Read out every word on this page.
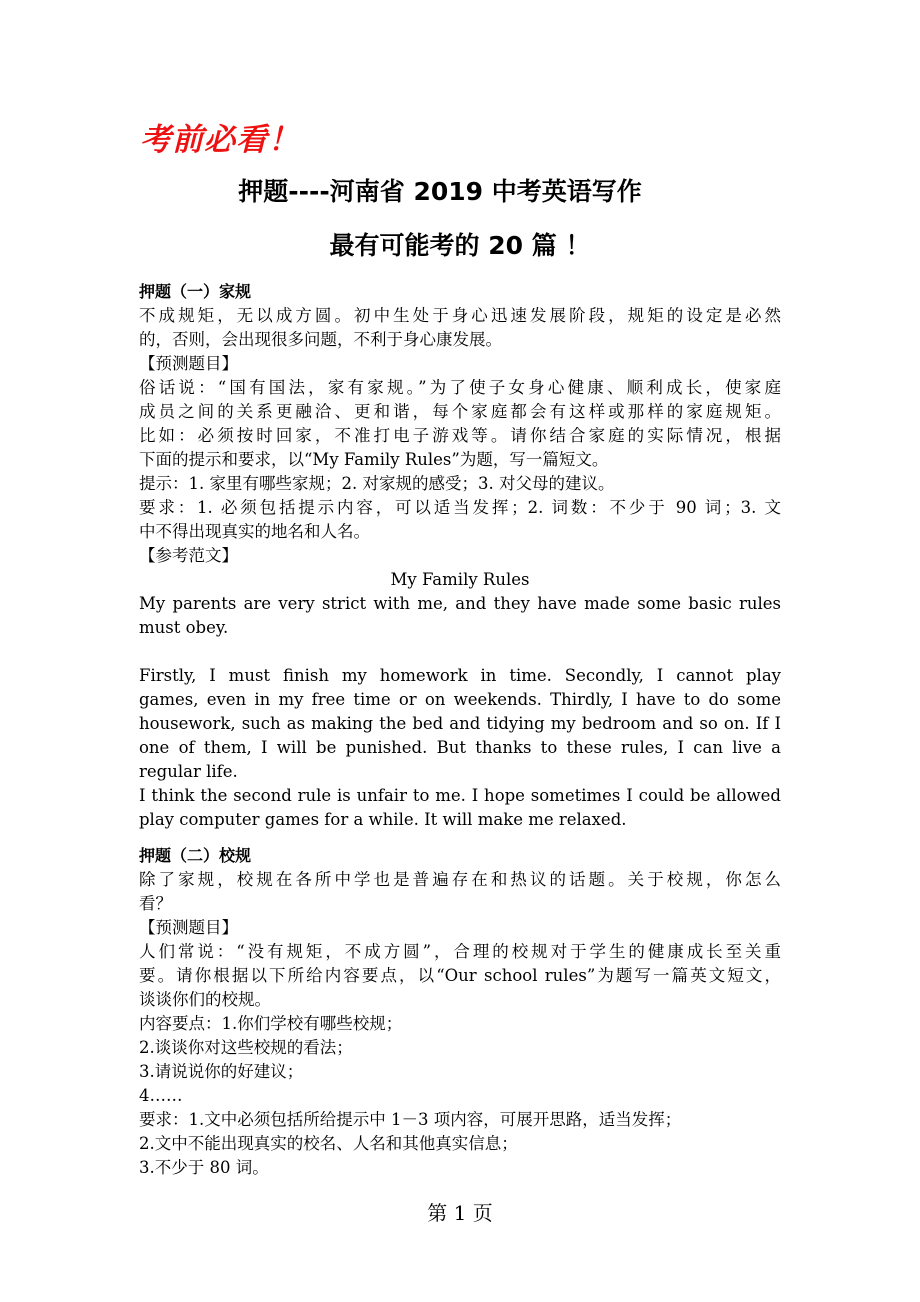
考前必看！
押题----河南省 2019 中考英语写作
最有可能考的 20 篇 ！
押题（一）家规
不成规矩，无以成方圆。初中生处于身心迅速发展阶段，规矩的设定是必然
的，否则，会出现很多问题，不利于身心康发展。
【预测题目】
俗话说：“国有国法，家有家规。”为了使子女身心健康、顺利成长，使家庭
成员之间的关系更融洽、更和谐，每个家庭都会有这样或那样的家庭规矩。
比如：必须按时回家，不准打电子游戏等。请你结合家庭的实际情况，根据
下面的提示和要求，以“My Family Rules”为题，写一篇短文。
提示：1. 家里有哪些家规；2. 对家规的感受；3. 对父母的建议。
要求：1. 必须包括提示内容，可以适当发挥；2. 词数：不少于 90 词；3. 文
中不得出现真实的地名和人名。
【参考范文】
My Family Rules
My parents are very strict with me, and they have made some basic rules
must obey.
Firstly, I must finish my homework in time. Secondly, I cannot play
games, even in my free time or on weekends. Thirdly, I have to do some
housework, such as making the bed and tidying my bedroom and so on. If I
one of them, I will be punished. But thanks to these rules, I can live a
regular life.
I think the second rule is unfair to me. I hope sometimes I could be allowed
play computer games for a while. It will make me relaxed.
押题（二）校规
除了家规，校规在各所中学也是普遍存在和热议的话题。关于校规，你怎么
看？
【预测题目】
人们常说：“没有规矩，不成方圆”，合理的校规对于学生的健康成长至关重
要。请你根据以下所给内容要点，以“Our school rules”为题写一篇英文短文，
谈谈你们的校规。
内容要点：1.你们学校有哪些校规；
2.谈谈你对这些校规的看法；
3.请说说你的好建议；
4……
要求：1.文中必须包括所给提示中 1－3 项内容，可展开思路，适当发挥；
2.文中不能出现真实的校名、人名和其他真实信息；
3.不少于 80 词。
第 1 页
